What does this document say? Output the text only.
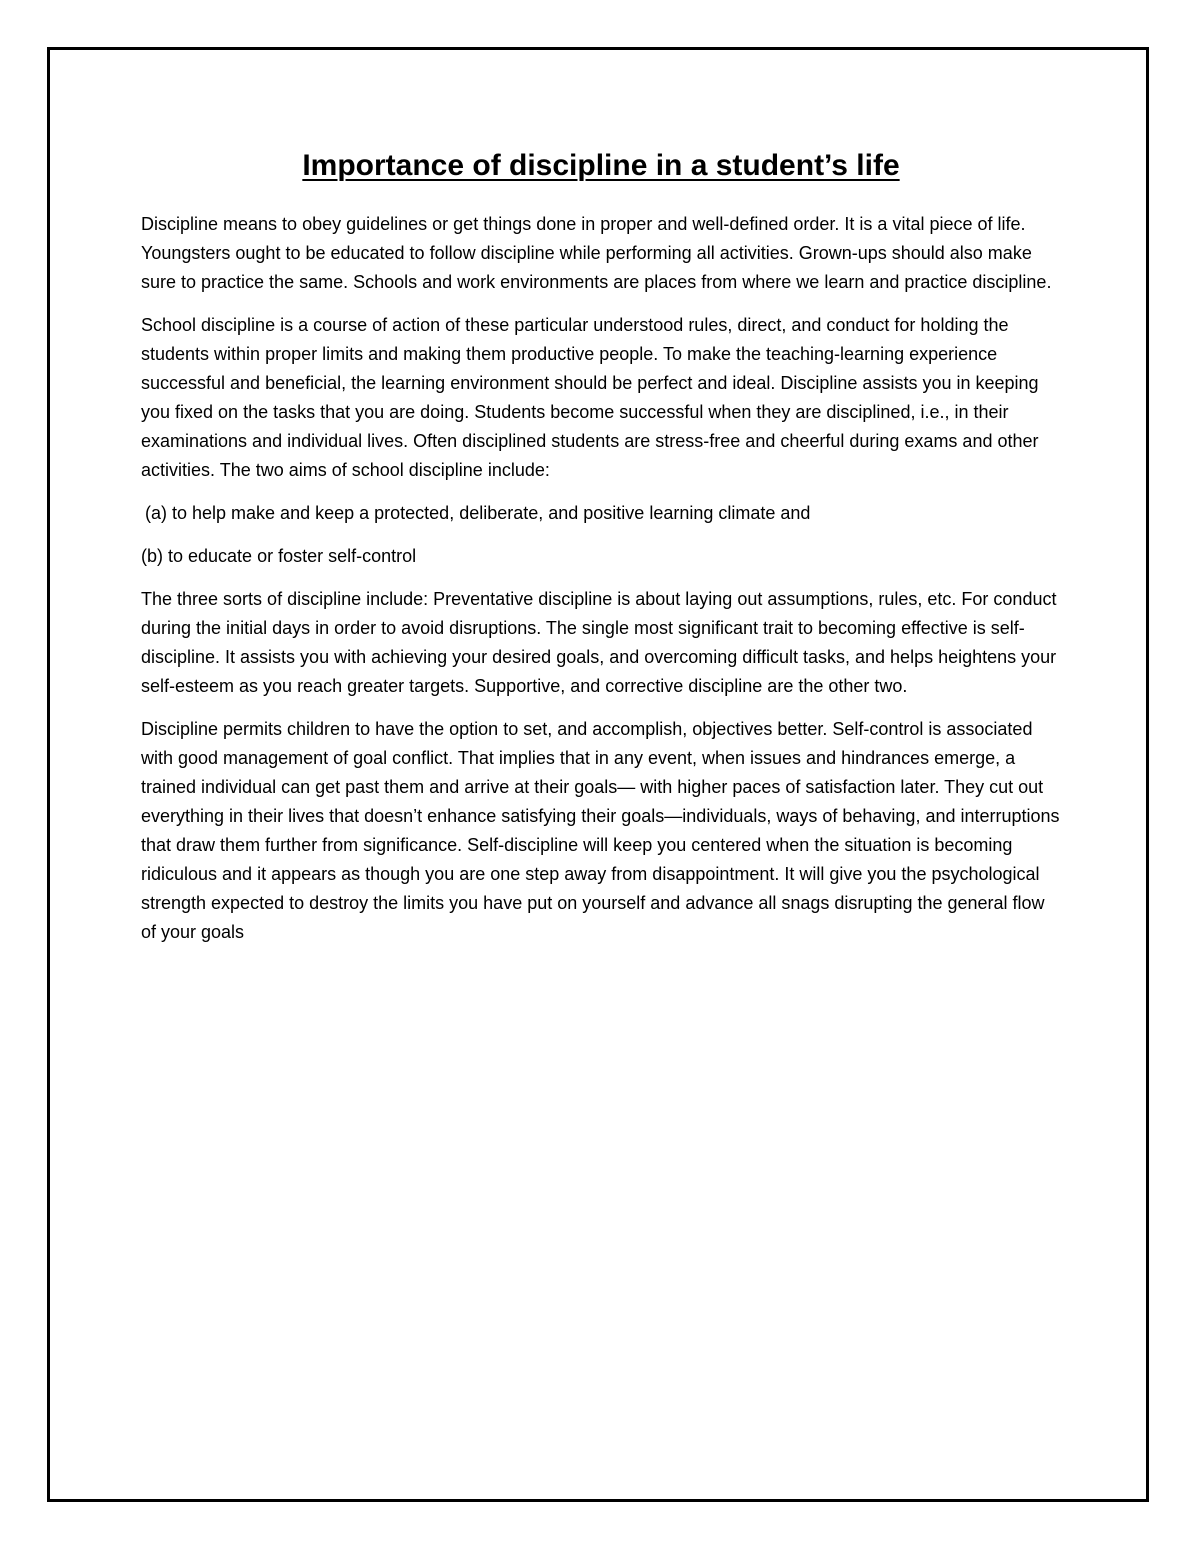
Importance of discipline in a student’s life

Discipline means to obey guidelines or get things done in proper and well-defined order. It is a vital piece of life. Youngsters ought to be educated to follow discipline while performing all activities. Grown-ups should also make sure to practice the same. Schools and work environments are places from where we learn and practice discipline.

School discipline is a course of action of these particular understood rules, direct, and conduct for holding the students within proper limits and making them productive people. To make the teaching-learning experience successful and beneficial, the learning environment should be perfect and ideal. Discipline assists you in keeping you fixed on the tasks that you are doing. Students become successful when they are disciplined, i.e., in their examinations and individual lives. Often disciplined students are stress-free and cheerful during exams and other activities. The two aims of school discipline include:

(a) to help make and keep a protected, deliberate, and positive learning climate and

(b) to educate or foster self-control

The three sorts of discipline include: Preventative discipline is about laying out assumptions, rules, etc. For conduct during the initial days in order to avoid disruptions. The single most significant trait to becoming effective is self-discipline. It assists you with achieving your desired goals, and overcoming difficult tasks, and helps heightens your self-esteem as you reach greater targets. Supportive, and corrective discipline are the other two.

Discipline permits children to have the option to set, and accomplish, objectives better. Self-control is associated with good management of goal conflict. That implies that in any event, when issues and hindrances emerge, a trained individual can get past them and arrive at their goals— with higher paces of satisfaction later. They cut out everything in their lives that doesn’t enhance satisfying their goals—individuals, ways of behaving, and interruptions that draw them further from significance. Self-discipline will keep you centered when the situation is becoming ridiculous and it appears as though you are one step away from disappointment. It will give you the psychological strength expected to destroy the limits you have put on yourself and advance all snags disrupting the general flow of your goals
